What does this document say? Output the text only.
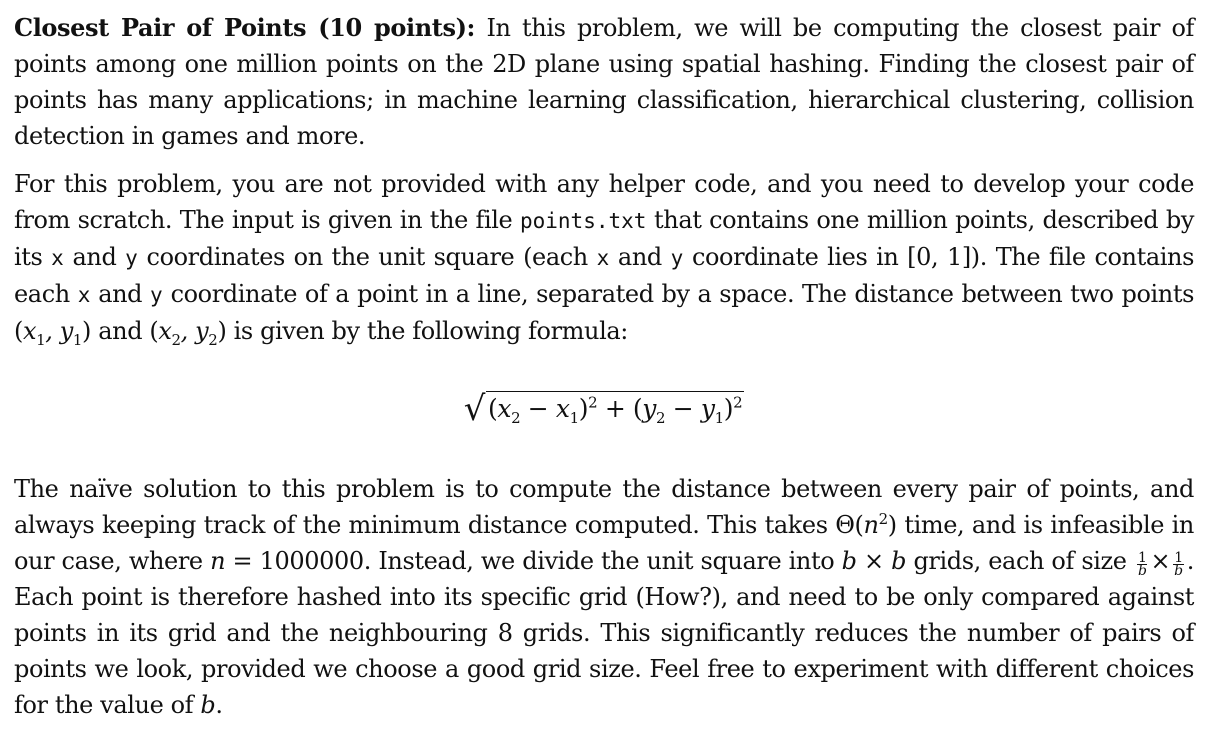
Closest Pair of Points (10 points): In this problem, we will be computing the closest pair of points among one million points on the 2D plane using spatial hashing. Finding the closest pair of points has many applications; in machine learning classification, hierarchical clustering, collision detection in games and more.

For this problem, you are not provided with any helper code, and you need to develop your code from scratch. The input is given in the file points.txt that contains one million points, described by its x and y coordinates on the unit square (each x and y coordinate lies in [0, 1]). The file contains each x and y coordinate of a point in a line, separated by a space. The distance between two points ($x_1$, $y_1$) and ($x_2$, $y_2$) is given by the following formula:

√ $(x_2 - x_1)^2 + (y_2 - y_1)^2$

The naïve solution to this problem is to compute the distance between every pair of points, and always keeping track of the minimum distance computed. This takes $\Theta(n^2)$ time, and is infeasible in our case, where n = 1000000. Instead, we divide the unit square into b × b grids, each of size $\frac{1}{b} \times \frac{1}{b}$ . Each point is therefore hashed into its specific grid (How?), and need to be only compared against points in its grid and the neighbouring 8 grids. This significantly reduces the number of pairs of points we look, provided we choose a good grid size. Feel free to experiment with different choices for the value of b.
